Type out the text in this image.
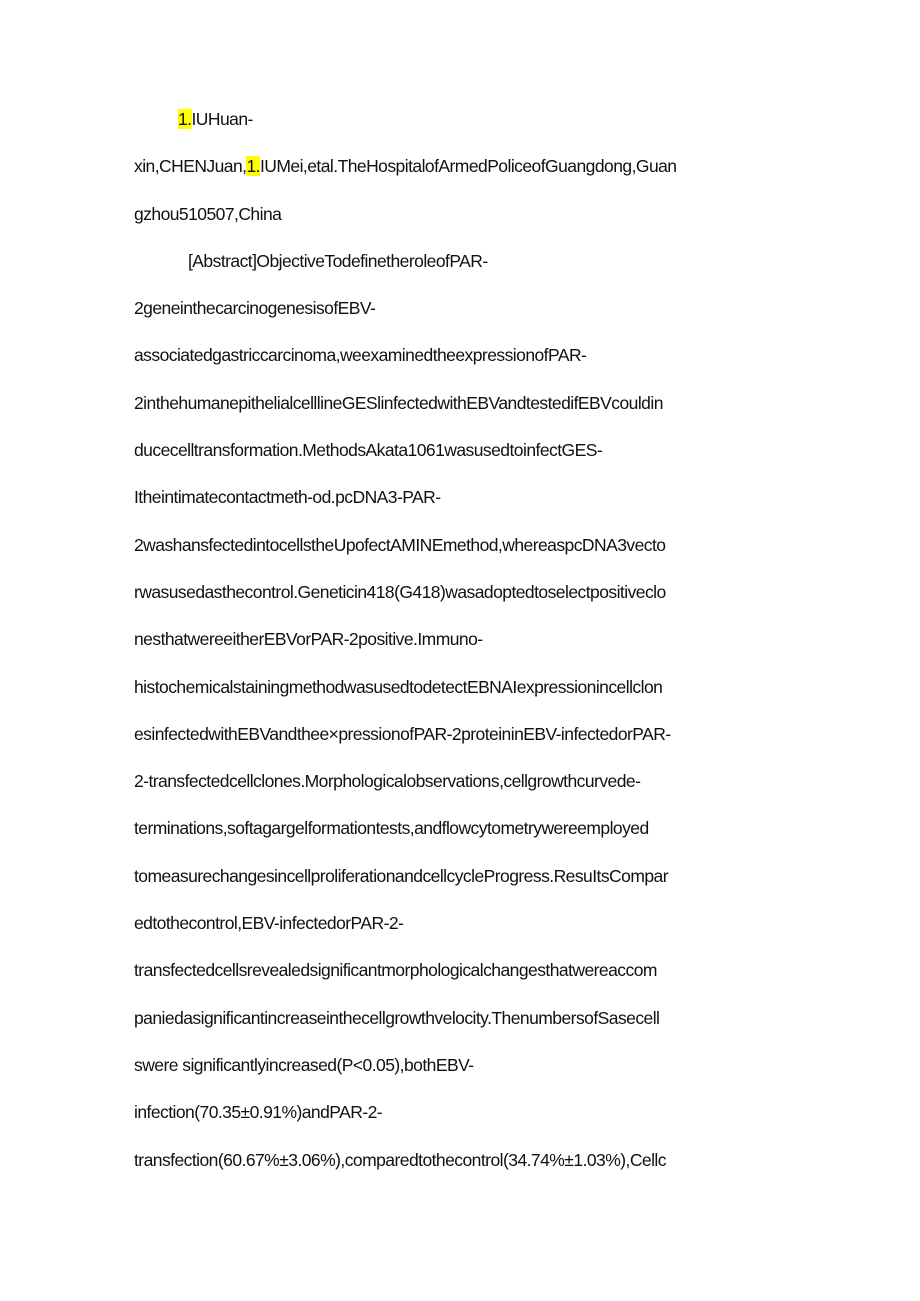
1.IUHuan-
xin,CHENJuan,1.IUMei,etal.TheHospitalofArmedPoliceofGuangdong,Guan
gzhou510507,China
[Abstract]ObjectiveTodefinetheroleofPAR-
2geneinthecarcinogenesisofEBV-
associatedgastriccarcinoma,weexaminedtheexpressionofPAR-
2inthehumanepithelialcelllineGESlinfectedwithEBVandtestedifEBVcouldin
ducecelltransformation.MethodsAkata1061wasusedtoinfectGES-
Itheintimatecontactmeth-od.pcDNA3-PAR-
2washansfectedintocellstheUpofectAMINEmethod,whereaspcDNA3vecto
rwasusedasthecontrol.Geneticin418(G418)wasadoptedtoselectpositiveclo
nesthatwereeitherEBVorPAR-2positive.Immuno-
histochemicalstainingmethodwasusedtodetectEBNAIexpressionincellclon
esinfectedwithEBVandthee×pressionofPAR-2proteininEBV-infectedorPAR-
2-transfectedcellclones.Morphologicalobservations,cellgrowthcurvede-
terminations,softagargelformationtests,andflowcytometrywereemployed
tomeasurechangesincellproliferationandcellcycleProgress.ResuItsCompar
edtothecontrol,EBV-infectedorPAR-2-
transfectedcellsrevealedsignificantmorphologicalchangesthatwereaccom
paniedasignificantincreaseinthecellgrowthvelocity.ThenumbersofSasecell
swere significantlyincreased(P<0.05),bothEBV-
infection(70.35±0.91%)andPAR-2-
transfection(60.67%±3.06%),comparedtothecontrol(34.74%±1.03%),Cellc
